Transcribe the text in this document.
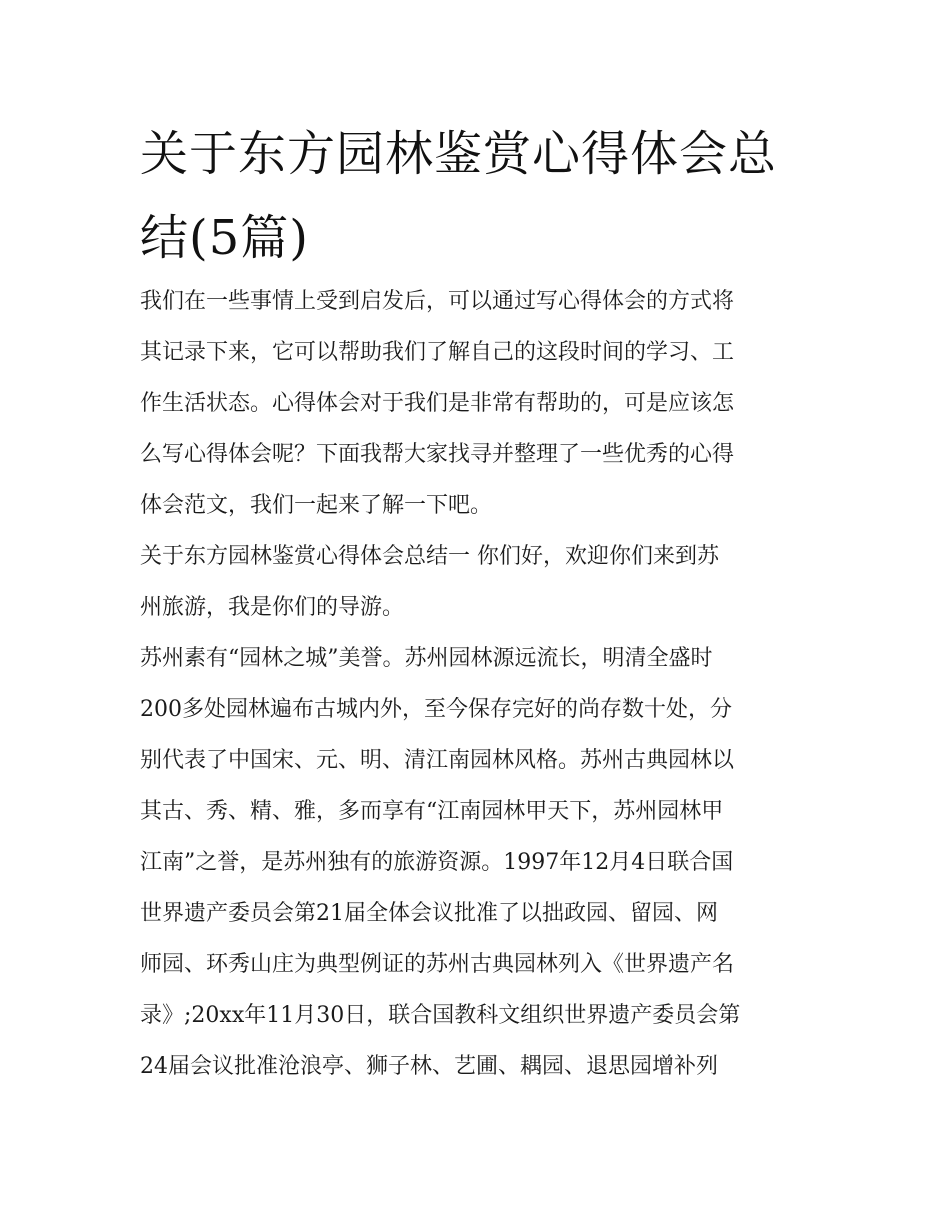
关于东方园林鉴赏心得体会总
结(5篇)
我们在一些事情上受到启发后，可以通过写心得体会的方式将
其记录下来，它可以帮助我们了解自己的这段时间的学习、工
作生活状态。心得体会对于我们是非常有帮助的，可是应该怎
么写心得体会呢？下面我帮大家找寻并整理了一些优秀的心得
体会范文，我们一起来了解一下吧。
关于东方园林鉴赏心得体会总结一 你们好，欢迎你们来到苏
州旅游，我是你们的导游。
苏州素有“园林之城”美誉。苏州园林源远流长，明清全盛时
200多处园林遍布古城内外，至今保存完好的尚存数十处，分
别代表了中国宋、元、明、清江南园林风格。苏州古典园林以
其古、秀、精、雅，多而享有“江南园林甲天下，苏州园林甲
江南”之誉，是苏州独有的旅游资源。1997年12月4日联合国
世界遗产委员会第21届全体会议批准了以拙政园、留园、网
师园、环秀山庄为典型例证的苏州古典园林列入《世界遗产名
录》;20xx年11月30日，联合国教科文组织世界遗产委员会第
24届会议批准沧浪亭、狮子林、艺圃、耦园、退思园增补列
